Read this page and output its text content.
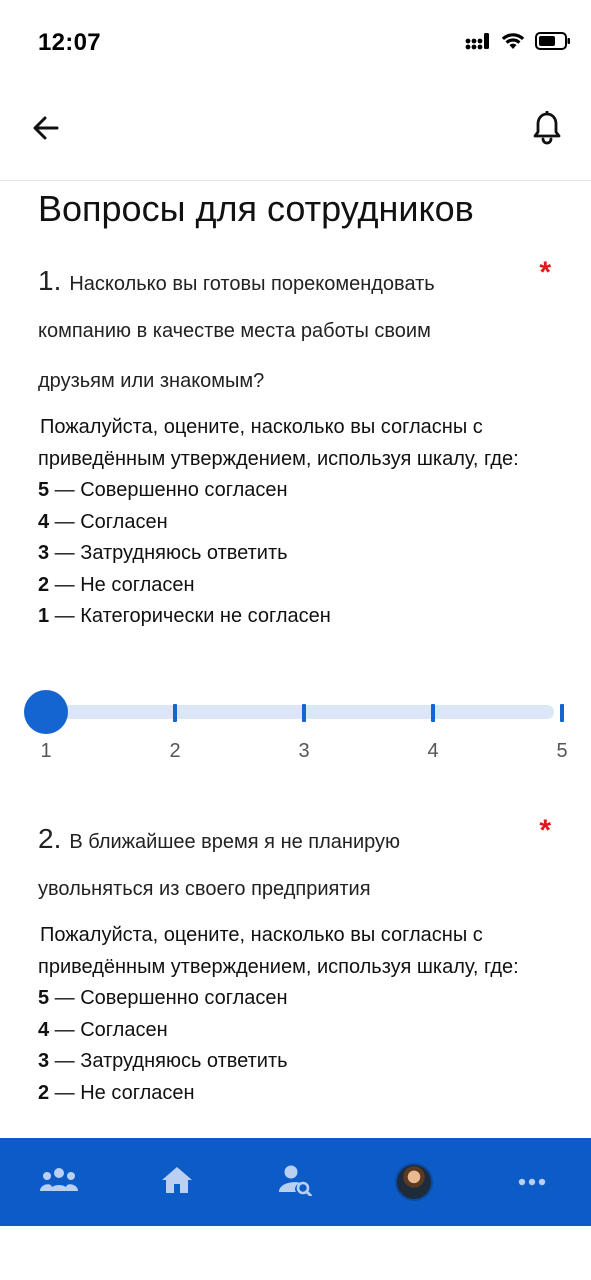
12:07
Вопросы для сотрудников
1. Насколько вы готовы порекомендовать
компанию в качестве места работы своим
друзьям или знакомым?
*
Пожалуйста, оцените, насколько вы согласны с приведённым утверждением, используя шкалу, где:
5 — Совершенно согласен
4 — Согласен
3 — Затрудняюсь ответить
2 — Не согласен
1 — Категорически не согласен
1	2	3	4	5
2. В ближайшее время я не планирую
увольняться из своего предприятия
*
Пожалуйста, оцените, насколько вы согласны с приведённым утверждением, используя шкалу, где:
5 — Совершенно согласен
4 — Согласен
3 — Затрудняюсь ответить
2 — Не согласен
